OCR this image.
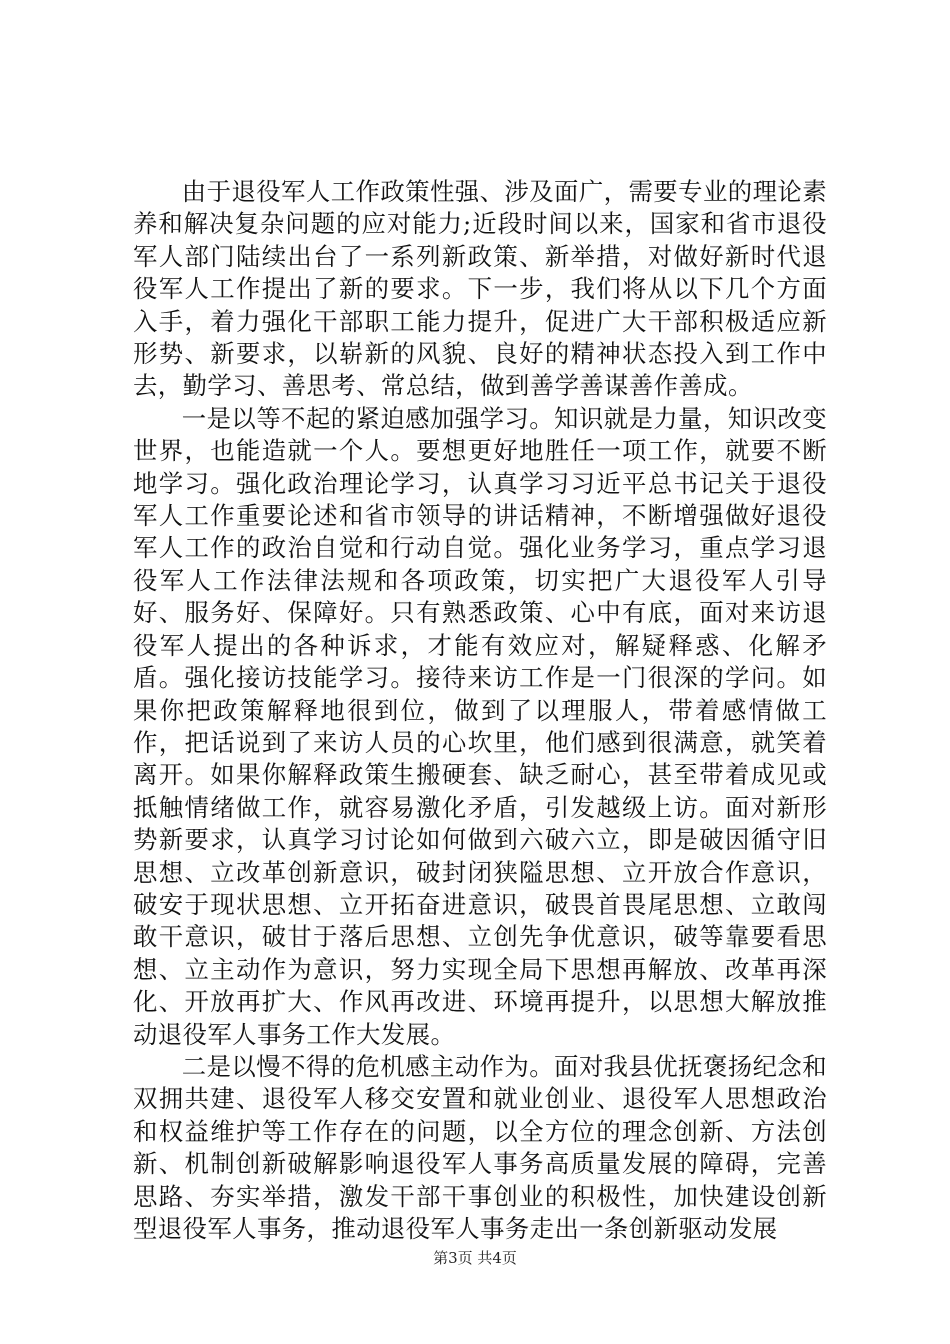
由于退役军人工作政策性强、涉及面广，需要专业的理论素养和解决复杂问题的应对能力;近段时间以来，国家和省市退役军人部门陆续出台了一系列新政策、新举措，对做好新时代退役军人工作提出了新的要求。下一步，我们将从以下几个方面入手，着力强化干部职工能力提升，促进广大干部积极适应新形势、新要求，以崭新的风貌、良好的精神状态投入到工作中去，勤学习、善思考、常总结，做到善学善谋善作善成。

一是以等不起的紧迫感加强学习。知识就是力量，知识改变世界，也能造就一个人。要想更好地胜任一项工作，就要不断地学习。强化政治理论学习，认真学习习近平总书记关于退役军人工作重要论述和省市领导的讲话精神，不断增强做好退役军人工作的政治自觉和行动自觉。强化业务学习，重点学习退役军人工作法律法规和各项政策，切实把广大退役军人引导好、服务好、保障好。只有熟悉政策、心中有底，面对来访退役军人提出的各种诉求，才能有效应对，解疑释惑、化解矛盾。强化接访技能学习。接待来访工作是一门很深的学问。如果你把政策解释地很到位，做到了以理服人，带着感情做工作，把话说到了来访人员的心坎里，他们感到很满意，就笑着离开。如果你解释政策生搬硬套、缺乏耐心，甚至带着成见或抵触情绪做工作，就容易激化矛盾，引发越级上访。面对新形势新要求，认真学习讨论如何做到六破六立，即是破因循守旧思想、立改革创新意识，破封闭狭隘思想、立开放合作意识，破安于现状思想、立开拓奋进意识，破畏首畏尾思想、立敢闯敢干意识，破甘于落后思想、立创先争优意识，破等靠要看思想、立主动作为意识，努力实现全局下思想再解放、改革再深化、开放再扩大、作风再改进、环境再提升，以思想大解放推动退役军人事务工作大发展。

二是以慢不得的危机感主动作为。面对我县优抚褒扬纪念和双拥共建、退役军人移交安置和就业创业、退役军人思想政治和权益维护等工作存在的问题，以全方位的理念创新、方法创新、机制创新破解影响退役军人事务高质量发展的障碍，完善思路、夯实举措，激发干部干事创业的积极性，加快建设创新型退役军人事务，推动退役军人事务走出一条创新驱动发展

第3页 共4页
